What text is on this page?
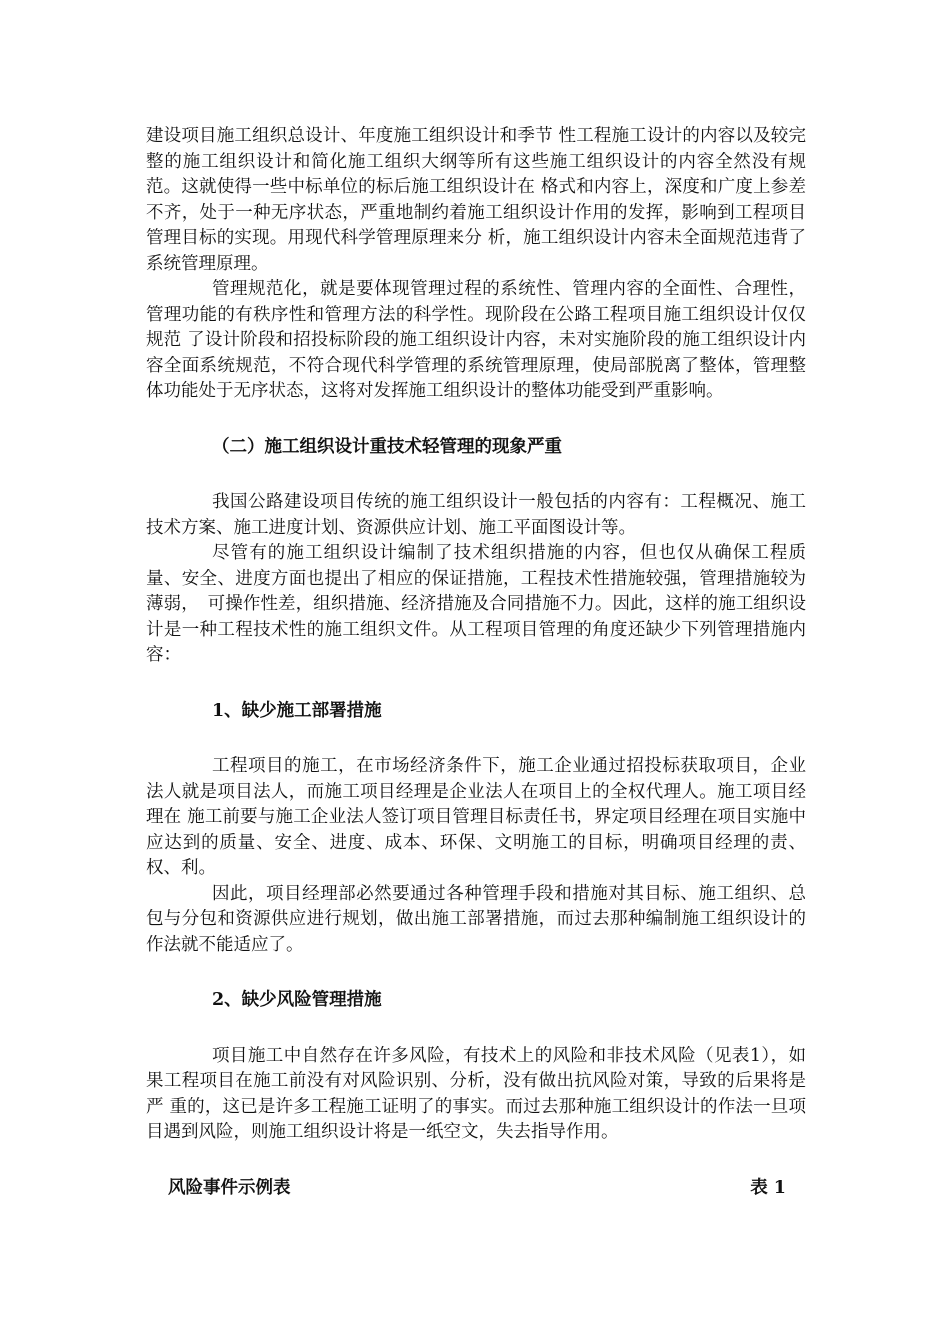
建设项目施工组织总设计、年度施工组织设计和季节 性工程施工设计的内容以及较完整的施工组织设计和简化施工组织大纲等所有这些施工组织设计的内容全然没有规范。这就使得一些中标单位的标后施工组织设计在 格式和内容上，深度和广度上参差不齐，处于一种无序状态，严重地制约着施工组织设计作用的发挥，影响到工程项目管理目标的实现。用现代科学管理原理来分 析，施工组织设计内容未全面规范违背了系统管理原理。

管理规范化，就是要体现管理过程的系统性、管理内容的全面性、合理性，管理功能的有秩序性和管理方法的科学性。现阶段在公路工程项目施工组织设计仅仅规范 了设计阶段和招投标阶段的施工组织设计内容，未对实施阶段的施工组织设计内容全面系统规范，不符合现代科学管理的系统管理原理，使局部脱离了整体，管理整 体功能处于无序状态，这将对发挥施工组织设计的整体功能受到严重影响。

（二）施工组织设计重技术轻管理的现象严重

我国公路建设项目传统的施工组织设计一般包括的内容有：工程概况、施工技术方案、施工进度计划、资源供应计划、施工平面图设计等。

尽管有的施工组织设计编制了技术组织措施的内容，但也仅从确保工程质量、安全、进度方面也提出了相应的保证措施，工程技术性措施较强，管理措施较为薄弱，　可操作性差，组织措施、经济措施及合同措施不力。因此，这样的施工组织设计是一种工程技术性的施工组织文件。从工程项目管理的角度还缺少下列管理措施内 容：

1、缺少施工部署措施

工程项目的施工，在市场经济条件下，施工企业通过招投标获取项目，企业法人就是项目法人，而施工项目经理是企业法人在项目上的全权代理人。施工项目经理在 施工前要与施工企业法人签订项目管理目标责任书，界定项目经理在项目实施中应达到的质量、安全、进度、成本、环保、文明施工的目标，明确项目经理的责、 权、利。

因此，项目经理部必然要通过各种管理手段和措施对其目标、施工组织、总包与分包和资源供应进行规划，做出施工部署措施，而过去那种编制施工组织设计的作法就不能适应了。

2、缺少风险管理措施

项目施工中自然存在许多风险，有技术上的风险和非技术风险（见表1），如果工程项目在施工前没有对风险识别、分析，没有做出抗风险对策，导致的后果将是严 重的，这已是许多工程施工证明了的事实。而过去那种施工组织设计的作法一旦项目遇到风险，则施工组织设计将是一纸空文，失去指导作用。

风险事件示例表	表 1
